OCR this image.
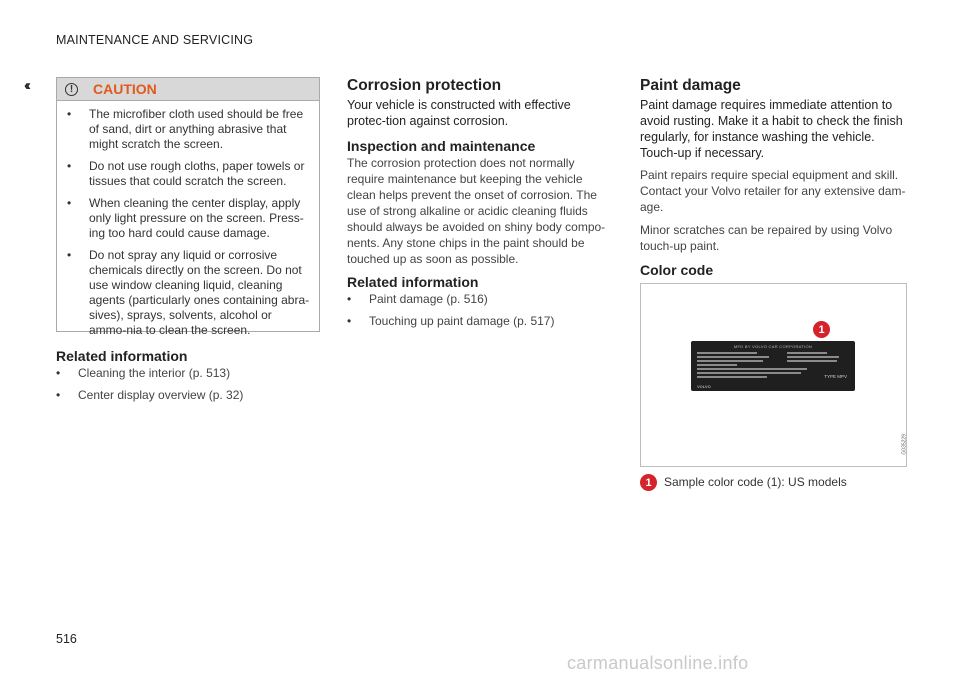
MAINTENANCE AND SERVICING
‹‹	!	CAUTION
• The microfiber cloth used should be free of sand, dirt or anything abrasive that might scratch the screen.
• Do not use rough cloths, paper towels or tissues that could scratch the screen.
• When cleaning the center display, apply only light pressure on the screen. Press-ing too hard could cause damage.
• Do not spray any liquid or corrosive chemicals directly on the screen. Do not use window cleaning liquid, cleaning agents (particularly ones containing abra-sives), sprays, solvents, alcohol or ammo-nia to clean the screen.
Related information
• Cleaning the interior (p. 513)
• Center display overview (p. 32)
Corrosion protection

Your vehicle is constructed with effective protec-tion against corrosion.

Inspection and maintenance

The corrosion protection does not normally require maintenance but keeping the vehicle clean helps prevent the onset of corrosion. The use of strong alkaline or acidic cleaning fluids should always be avoided on shiny body compo-nents. Any stone chips in the paint should be touched up as soon as possible.

Related information
• Paint damage (p. 516)
• Touching up paint damage (p. 517)
Paint damage

Paint damage requires immediate attention to avoid rusting. Make it a habit to check the finish regularly, for instance washing the vehicle. Touch-up if necessary.

Paint repairs require special equipment and skill. Contact your Volvo retailer for any extensive dam-age.

Minor scratches can be repaired by using Volvo touch-up paint.

Color code
MFD BY VOLVO CAR CORPORATION
TYPE MPV
VOLVO
1
G035229
1	Sample color code (1): US models
516
carmanualsonline.info
